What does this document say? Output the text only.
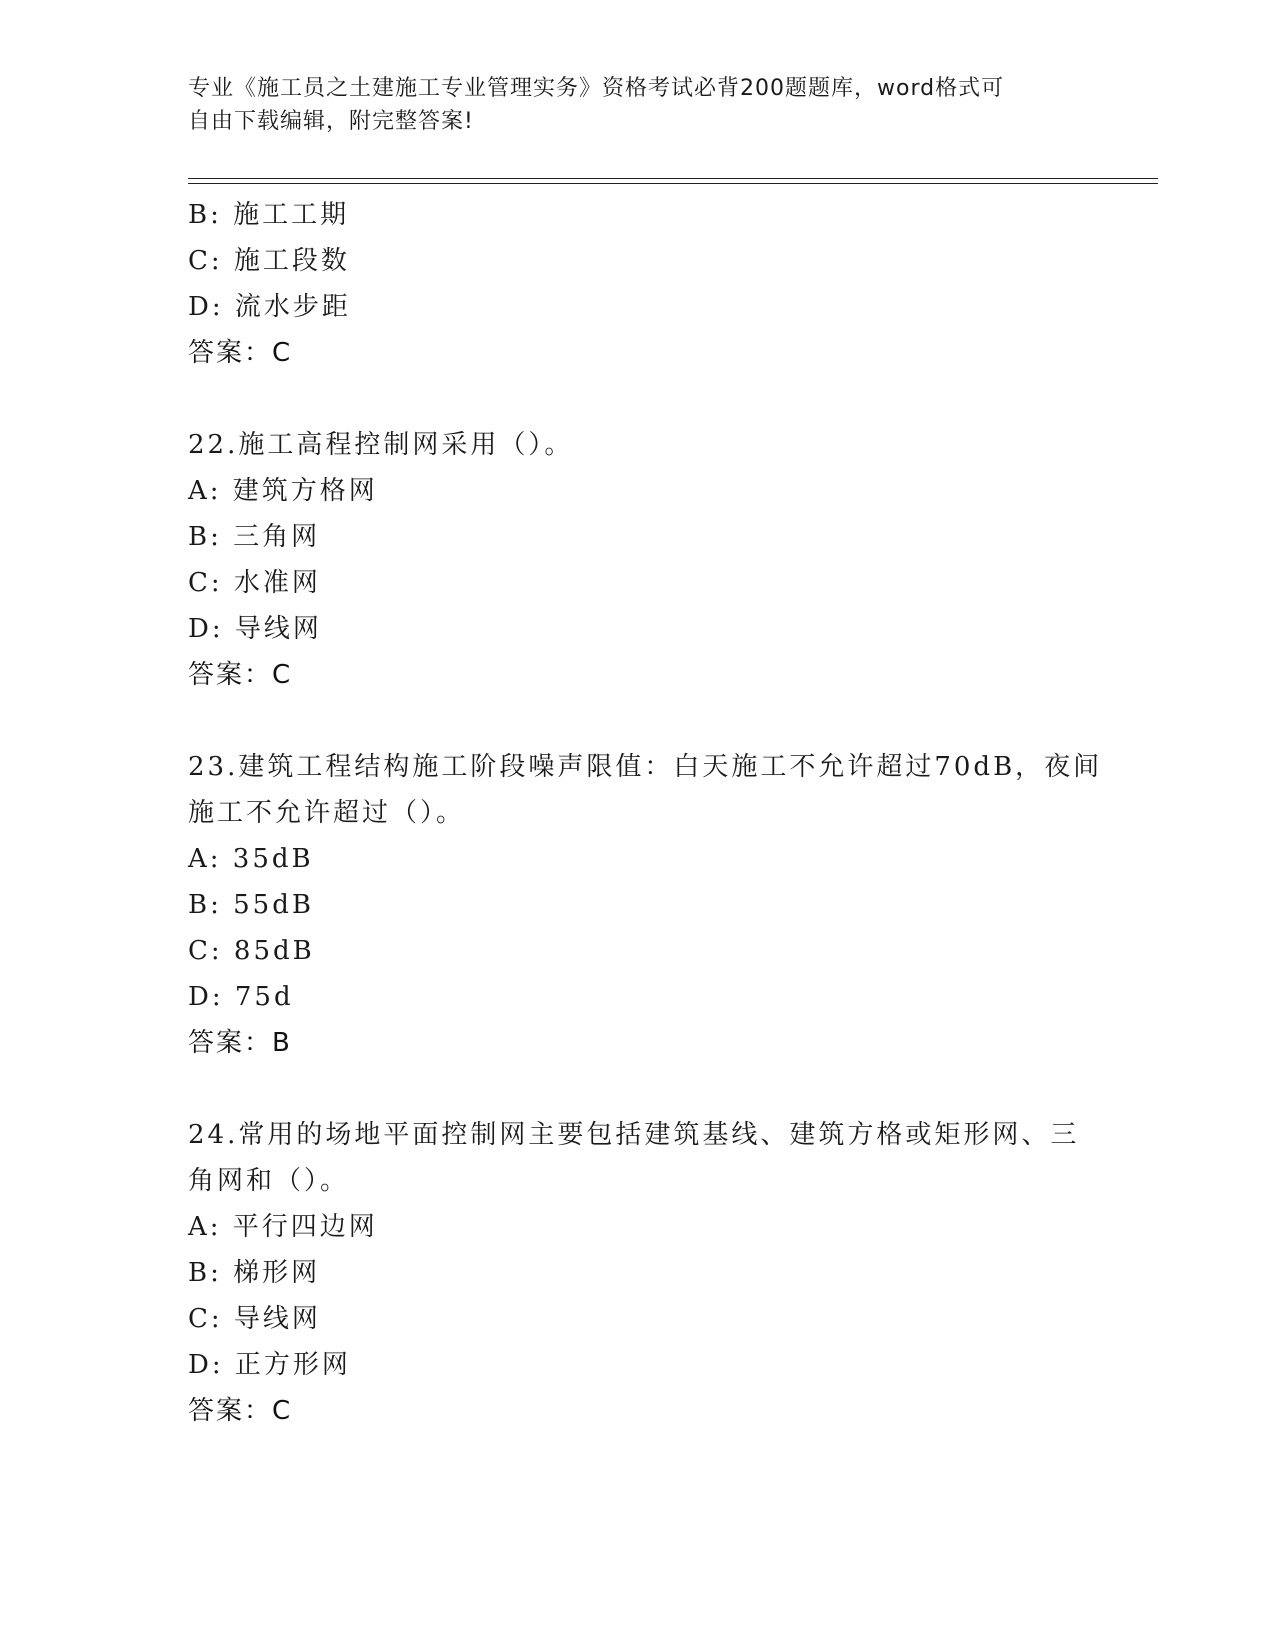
专业《施工员之土建施工专业管理实务》资格考试必背200题题库，word格式可
自由下载编辑，附完整答案!
B: 施工工期
C: 施工段数
D: 流水步距
答案：C
22.施工高程控制网采用（）。
A: 建筑方格网
B: 三角网
C: 水准网
D: 导线网
答案：C
23.建筑工程结构施工阶段噪声限值：白天施工不允许超过70dB，夜间
施工不允许超过（）。
A: 35dB
B: 55dB
C: 85dB
D: 75d
答案：B
24.常用的场地平面控制网主要包括建筑基线、建筑方格或矩形网、三
角网和（）。
A: 平行四边网
B: 梯形网
C: 导线网
D: 正方形网
答案：C
